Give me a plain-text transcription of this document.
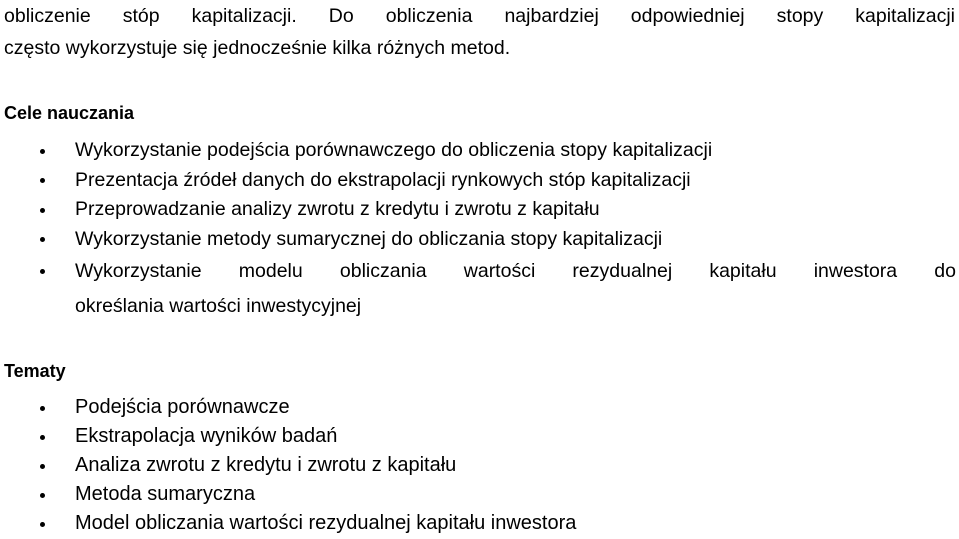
obliczenie stóp kapitalizacji. Do obliczenia najbardziej odpowiedniej stopy kapitalizacji
często wykorzystuje się jednocześnie kilka różnych metod.
Cele nauczania
Wykorzystanie podejścia porównawczego do obliczenia stopy kapitalizacji
Prezentacja źródeł danych do ekstrapolacji rynkowych stóp kapitalizacji
Przeprowadzanie analizy zwrotu z kredytu i zwrotu z kapitału
Wykorzystanie metody sumarycznej do obliczania stopy kapitalizacji
Wykorzystanie modelu obliczania wartości rezydualnej kapitału inwestora do
określania wartości inwestycyjnej
Tematy
Podejścia porównawcze
Ekstrapolacja wyników badań
Analiza zwrotu z kredytu i zwrotu z kapitału
Metoda sumaryczna
Model obliczania wartości rezydualnej kapitału inwestora
